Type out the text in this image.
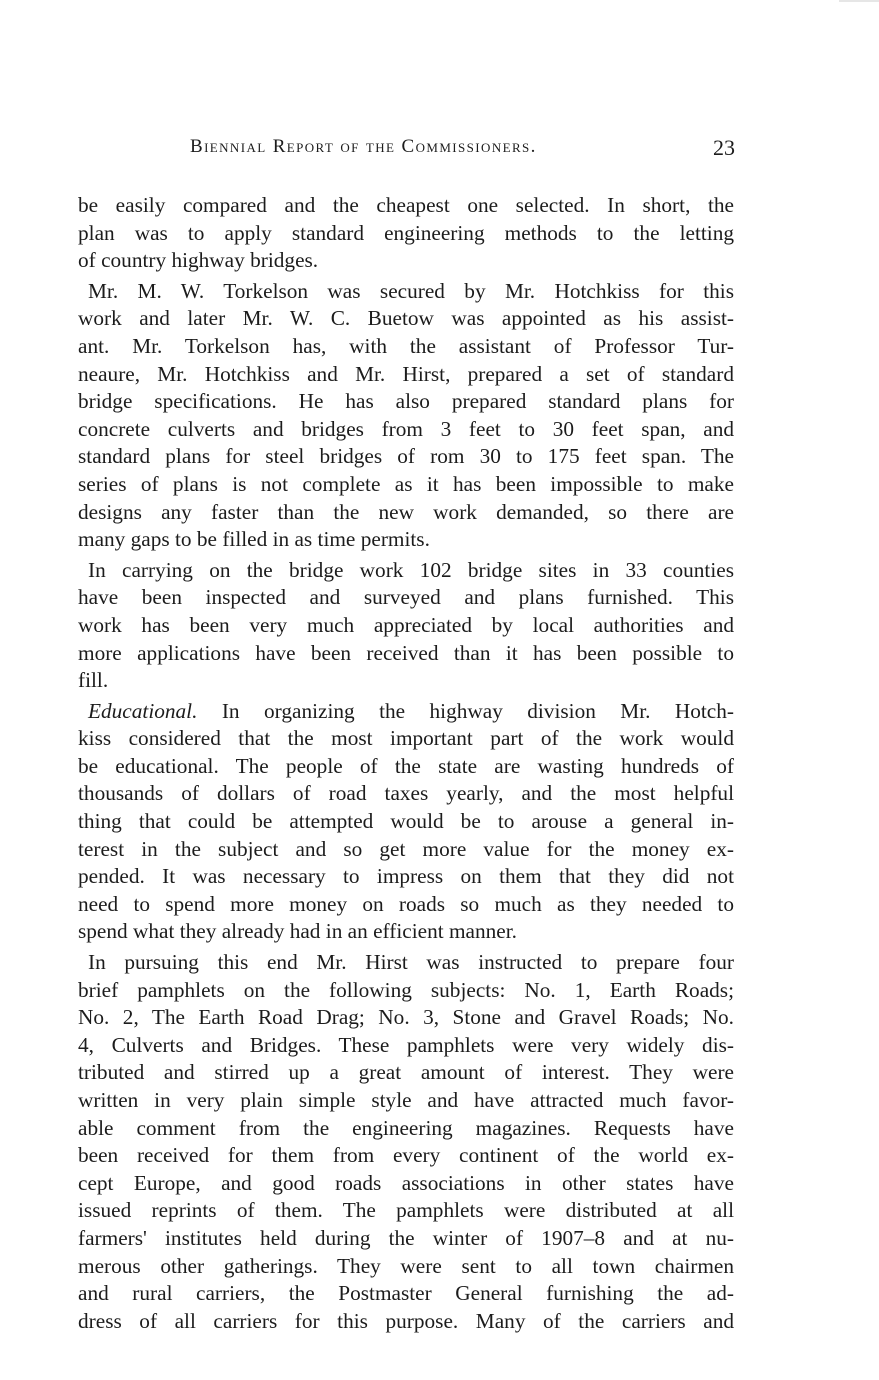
Biennial Report of the Commissioners.	23

be easily compared and the cheapest one selected. In short, the
plan was to apply standard engineering methods to the letting
of country highway bridges.

Mr. M. W. Torkelson was secured by Mr. Hotchkiss for this
work and later Mr. W. C. Buetow was appointed as his assist-
ant. Mr. Torkelson has, with the assistant of Professor Tur-
neaure, Mr. Hotchkiss and Mr. Hirst, prepared a set of standard
bridge specifications. He has also prepared standard plans for
concrete culverts and bridges from 3 feet to 30 feet span, and
standard plans for steel bridges of rom 30 to 175 feet span. The
series of plans is not complete as it has been impossible to make
designs any faster than the new work demanded, so there are
many gaps to be filled in as time permits.

In carrying on the bridge work 102 bridge sites in 33 counties
have been inspected and surveyed and plans furnished. This
work has been very much appreciated by local authorities and
more applications have been received than it has been possible to
fill.

Educational. In organizing the highway division Mr. Hotch-
kiss considered that the most important part of the work would
be educational. The people of the state are wasting hundreds of
thousands of dollars of road taxes yearly, and the most helpful
thing that could be attempted would be to arouse a general in-
terest in the subject and so get more value for the money ex-
pended. It was necessary to impress on them that they did not
need to spend more money on roads so much as they needed to
spend what they already had in an efficient manner.

In pursuing this end Mr. Hirst was instructed to prepare four
brief pamphlets on the following subjects: No. 1, Earth Roads;
No. 2, The Earth Road Drag; No. 3, Stone and Gravel Roads; No.
4, Culverts and Bridges. These pamphlets were very widely dis-
tributed and stirred up a great amount of interest. They were
written in very plain simple style and have attracted much favor-
able comment from the engineering magazines. Requests have
been received for them from every continent of the world ex-
cept Europe, and good roads associations in other states have
issued reprints of them. The pamphlets were distributed at all
farmers' institutes held during the winter of 1907–8 and at nu-
merous other gatherings. They were sent to all town chairmen
and rural carriers, the Postmaster General furnishing the ad-
dress of all carriers for this purpose. Many of the carriers and
